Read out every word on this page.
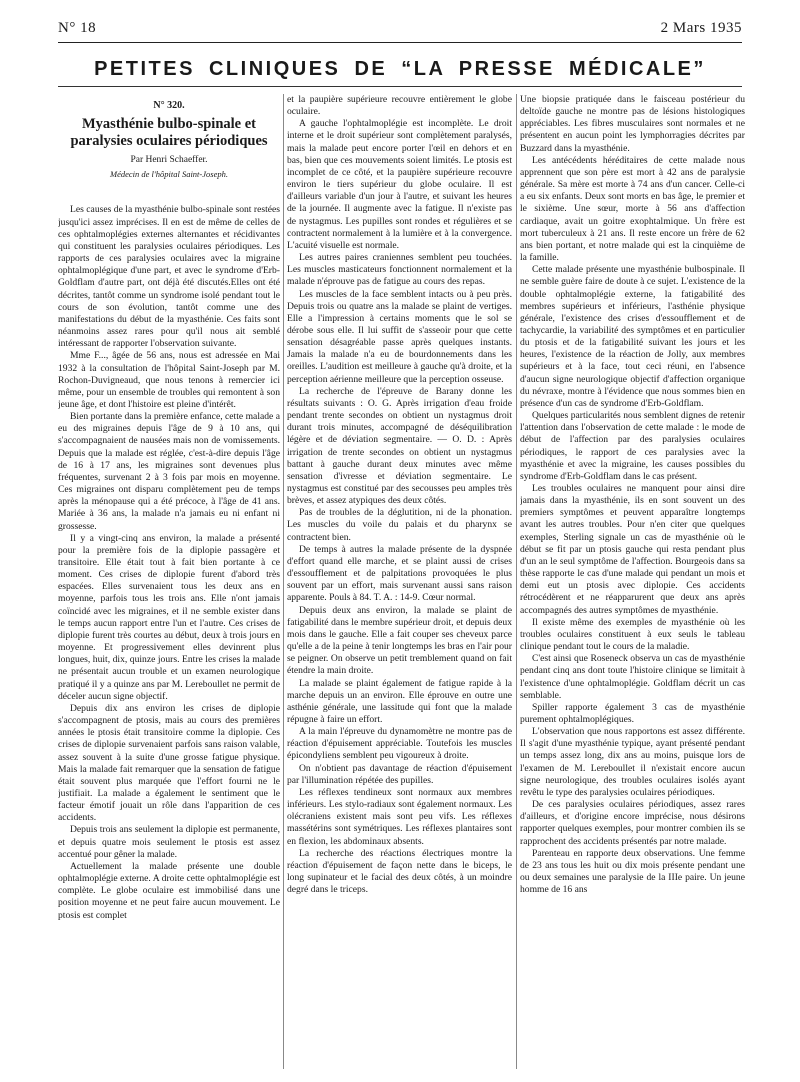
N° 18	2 Mars 1935
PETITES CLINIQUES DE “LA PRESSE MÉDICALE”
N° 320.
Myasthénie bulbo-spinale et paralysies oculaires périodiques
Par Henri Schaeffer.
Médecin de l'hôpital Saint-Joseph.

Les causes de la myasthénie bulbo-spinale sont restées jusqu'ici assez imprécises. Il en est de même de celles de ces ophtalmoplégies externes alternantes et récidivantes qui constituent les paralysies oculaires périodiques. Les rapports de ces paralysies oculaires avec la migraine ophtalmoplégique d'une part, et avec le syndrome d'Erb-Goldflam d'autre part, ont déjà été discutés.Elles ont été décrites, tantôt comme un syndrome isolé pendant tout le cours de son évolution, tantôt comme une des manifestations du début de la myasthénie. Ces faits sont néanmoins assez rares pour qu'il nous ait semblé intéressant de rapporter l'observation suivante.

Mme F..., âgée de 56 ans, nous est adressée en Mai 1932 à la consultation de l'hôpital Saint-Joseph par M. Rochon-Duvigneaud, que nous tenons à remercier ici même, pour un ensemble de troubles qui remontent à son jeune âge, et dont l'histoire est pleine d'intérêt.

Bien portante dans la première enfance, cette malade a eu des migraines depuis l'âge de 9 à 10 ans, qui s'accompagnaient de nausées mais non de vomissements. Depuis que la malade est réglée, c'est-à-dire depuis l'âge de 16 à 17 ans, les migraines sont devenues plus fréquentes, survenant 2 à 3 fois par mois en moyenne. Ces migraines ont disparu complètement peu de temps après la ménopause qui a été précoce, à l'âge de 41 ans. Mariée à 36 ans, la malade n'a jamais eu ni enfant ni grossesse.

Il y a vingt-cinq ans environ, la malade a présenté pour la première fois de la diplopie passagère et transitoire. Elle était tout à fait bien portante à ce moment. Ces crises de diplopie furent d'abord très espacées. Elles survenaient tous les deux ans en moyenne, parfois tous les trois ans. Elle n'ont jamais coïncidé avec les migraines, et il ne semble exister dans le temps aucun rapport entre l'un et l'autre. Ces crises de diplopie furent très courtes au début, deux à trois jours en moyenne. Et progressivement elles devinrent plus longues, huit, dix, quinze jours. Entre les crises la malade ne présentait aucun trouble et un examen neurologique pratiqué il y a quinze ans par M. Lereboullet ne permit de déceler aucun signe objectif.

Depuis dix ans environ les crises de diplopie s'accompagnent de ptosis, mais au cours des premières années le ptosis était transitoire comme la diplopie. Ces crises de diplopie survenaient parfois sans raison valable, assez souvent à la suite d'une grosse fatigue physique. Mais la malade fait remarquer que la sensation de fatigue était souvent plus marquée que l'effort fourni ne le justifiait. La malade a également le sentiment que le facteur émotif jouait un rôle dans l'apparition de ces accidents.

Depuis trois ans seulement la diplopie est permanente, et depuis quatre mois seulement le ptosis est assez accentué pour gêner la malade.

Actuellement la malade présente une double ophtalmoplégie externe. A droite cette ophtalmoplégie est complète. Le globe oculaire est immobilisé dans une position moyenne et ne peut faire aucun mouvement. Le ptosis est complet

et la paupière supérieure recouvre entièrement le globe oculaire.

A gauche l'ophtalmoplégie est incomplète. Le droit interne et le droit supérieur sont complètement paralysés, mais la malade peut encore porter l'œil en dehors et en bas, bien que ces mouvements soient limités. Le ptosis est incomplet de ce côté, et la paupière supérieure recouvre environ le tiers supérieur du globe oculaire. Il est d'ailleurs variable d'un jour à l'autre, et suivant les heures de la journée. Il augmente avec la fatigue. Il n'existe pas de nystagmus. Les pupilles sont rondes et régulières et se contractent normalement à la lumière et à la convergence. L'acuité visuelle est normale.

Les autres paires craniennes semblent peu touchées. Les muscles masticateurs fonctionnent normalement et la malade n'éprouve pas de fatigue au cours des repas.

Les muscles de la face semblent intacts ou à peu près. Depuis trois ou quatre ans la malade se plaint de vertiges. Elle a l'impression à certains moments que le sol se dérobe sous elle. Il lui suffit de s'asseoir pour que cette sensation désagréable passe après quelques instants. Jamais la malade n'a eu de bourdonnements dans les oreilles. L'audition est meilleure à gauche qu'à droite, et la perception aérienne meilleure que la perception osseuse.

La recherche de l'épreuve de Barany donne les résultats suivants : O. G. Après irrigation d'eau froide pendant trente secondes on obtient un nystagmus droit durant trois minutes, accompagné de déséquilibration légère et de déviation segmentaire. — O. D. : Après irrigation de trente secondes on obtient un nystagmus battant à gauche durant deux minutes avec même sensation d'ivresse et déviation segmentaire. Le nystagmus est constitué par des secousses peu amples très brèves, et assez atypiques des deux côtés.

Pas de troubles de la déglutition, ni de la phonation. Les muscles du voile du palais et du pharynx se contractent bien.

De temps à autres la malade présente de la dyspnée d'effort quand elle marche, et se plaint aussi de crises d'essoufflement et de palpitations provoquées le plus souvent par un effort, mais survenant aussi sans raison apparente. Pouls à 84. T. A. : 14-9. Cœur normal.

Depuis deux ans environ, la malade se plaint de fatigabilité dans le membre supérieur droit, et depuis deux mois dans le gauche. Elle a fait couper ses cheveux parce qu'elle a de la peine à tenir longtemps les bras en l'air pour se peigner. On observe un petit tremblement quand on fait étendre la main droite.

La malade se plaint également de fatigue rapide à la marche depuis un an environ. Elle éprouve en outre une asthénie générale, une lassitude qui font que la malade répugne à faire un effort.

A la main l'épreuve du dynamomètre ne montre pas de réaction d'épuisement appréciable. Toutefois les muscles épicondyliens semblent peu vigoureux à droite.

On n'obtient pas davantage de réaction d'épuisement par l'illumination répétée des pupilles.

Les réflexes tendineux sont normaux aux membres inférieurs. Les stylo-radiaux sont également normaux. Les olécraniens existent mais sont peu vifs. Les réflexes massétérins sont symétriques. Les réflexes plantaires sont en flexion, les abdominaux absents.

La recherche des réactions électriques montre la réaction d'épuisement de façon nette dans le biceps, le long supinateur et le facial des deux côtés, à un moindre degré dans le triceps.

Une biopsie pratiquée dans le faisceau postérieur du deltoïde gauche ne montre pas de lésions histologiques appréciables. Les fibres musculaires sont normales et ne présentent en aucun point les lymphorragies décrites par Buzzard dans la myasthénie.

Les antécédents héréditaires de cette malade nous apprennent que son père est mort à 42 ans de paralysie générale. Sa mère est morte à 74 ans d'un cancer. Celle-ci a eu six enfants. Deux sont morts en bas âge, le premier et le sixième. Une sœur, morte à 56 ans d'affection cardiaque, avait un goitre exophtalmique. Un frère est mort tuberculeux à 21 ans. Il reste encore un frère de 62 ans bien portant, et notre malade qui est la cinquième de la famille.

Cette malade présente une myasthénie bulbospinale. Il ne semble guère faire de doute à ce sujet. L'existence de la double ophtalmoplégie externe, la fatigabilité des membres supérieurs et inférieurs, l'asthénie physique générale, l'existence des crises d'essoufflement et de tachycardie, la variabilité des symptômes et en particulier du ptosis et de la fatigabilité suivant les jours et les heures, l'existence de la réaction de Jolly, aux membres supérieurs et à la face, tout ceci réuni, en l'absence d'aucun signe neurologique objectif d'affection organique du névraxe, montre à l'évidence que nous sommes bien en présence d'un cas de syndrome d'Erb-Goldflam.

Quelques particularités nous semblent dignes de retenir l'attention dans l'observation de cette malade : le mode de début de l'affection par des paralysies oculaires périodiques, le rapport de ces paralysies avec la myasthénie et avec la migraine, les causes possibles du syndrome d'Erb-Goldflam dans le cas présent.

Les troubles oculaires ne manquent pour ainsi dire jamais dans la myasthénie, ils en sont souvent un des premiers symptômes et peuvent apparaître longtemps avant les autres troubles. Pour n'en citer que quelques exemples, Sterling signale un cas de myasthénie où le début se fit par un ptosis gauche qui resta pendant plus d'un an le seul symptôme de l'affection. Bourgeois dans sa thèse rapporte le cas d'une malade qui pendant un mois et demi eut un ptosis avec diplopie. Ces accidents rétrocédèrent et ne réapparurent que deux ans après accompagnés des autres symptômes de myasthénie.

Il existe même des exemples de myasthénie où les troubles oculaires constituent à eux seuls le tableau clinique pendant tout le cours de la maladie.

C'est ainsi que Roseneck observa un cas de myasthénie pendant cinq ans dont toute l'histoire clinique se limitait à l'existence d'une ophtalmoplégie. Goldflam décrit un cas semblable.

Spiller rapporte également 3 cas de myasthénie purement ophtalmoplégiques.

L'observation que nous rapportons est assez différente. Il s'agit d'une myasthénie typique, ayant présenté pendant un temps assez long, dix ans au moins, puisque lors de l'examen de M. Lereboullet il n'existait encore aucun signe neurologique, des troubles oculaires isolés ayant revêtu le type des paralysies oculaires périodiques.

De ces paralysies oculaires périodiques, assez rares d'ailleurs, et d'origine encore imprécise, nous désirons rapporter quelques exemples, pour montrer combien ils se rapprochent des accidents présentés par notre malade.

Parenteau en rapporte deux observations. Une femme de 23 ans tous les huit ou dix mois présente pendant une ou deux semaines une paralysie de la IIIe paire. Un jeune homme de 16 ans
